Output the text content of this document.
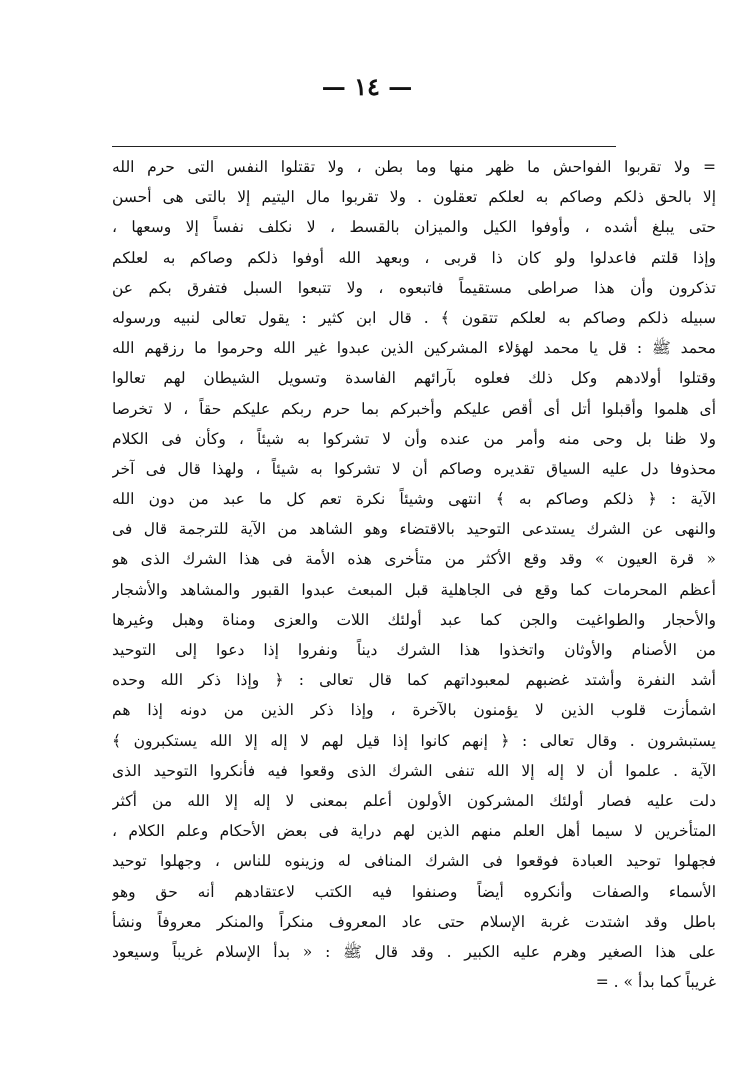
— ١٤ —
= ولا تقربوا الفواحش ما ظهر منها وما بطن ، ولا تقتلوا النفس التى حرم الله
إلا بالحق ذلكم وصاكم به لعلكم تعقلون . ولا تقربوا مال اليتيم إلا بالتى هى أحسن
حتى يبلغ أشده ، وأوفوا الكيل والميزان بالقسط ، لا نكلف نفساً إلا وسعها ،
وإذا قلتم فاعدلوا ولو كان ذا قربى ، وبعهد الله أوفوا ذلكم وصاكم به لعلكم
تذكرون وأن هذا صراطى مستقيماً فاتبعوه ، ولا تتبعوا السبل فتفرق بكم عن
سبيله ذلكم وصاكم به لعلكم تتقون ﴾ . قال ابن كثير : يقول تعالى لنبيه ورسوله
محمد ﷺ : قل يا محمد لهؤلاء المشركين الذين عبدوا غير الله وحرموا ما رزقهم الله
وقتلوا أولادهم وكل ذلك فعلوه بآرائهم الفاسدة وتسويل الشيطان لهم تعالوا
أى هلموا وأقبلوا أتل أى أقص عليكم وأخبركم بما حرم ربكم عليكم حقاً ، لا تخرصا
ولا ظنا بل وحى منه وأمر من عنده وأن لا تشركوا به شيئاً ، وكأن فى الكلام
محذوفا دل عليه السياق تقديره وصاكم أن لا تشركوا به شيئاً ، ولهذا قال فى آخر
الآية : ﴿ ذلكم وصاكم به ﴾ انتهى وشيئاً نكرة تعم كل ما عبد من دون الله
والنهى عن الشرك يستدعى التوحيد بالاقتضاء وهو الشاهد من الآية للترجمة قال فى
« قرة العيون » وقد وقع الأكثر من متأخرى هذه الأمة فى هذا الشرك الذى هو
أعظم المحرمات كما وقع فى الجاهلية قبل المبعث عبدوا القبور والمشاهد والأشجار
والأحجار والطواغيت والجن كما عبد أولئك اللات والعزى ومناة وهبل وغيرها
من الأصنام والأوثان واتخذوا هذا الشرك ديناً ونفروا إذا دعوا إلى التوحيد
أشد النفرة وأشتد غضبهم لمعبوداتهم كما قال تعالى : ﴿ وإذا ذكر الله وحده
اشمأزت قلوب الذين لا يؤمنون بالآخرة ، وإذا ذكر الذين من دونه إذا هم
يستبشرون . وقال تعالى : ﴿ إنهم كانوا إذا قيل لهم لا إله إلا الله يستكبرون ﴾
الآية . علموا أن لا إله إلا الله تنفى الشرك الذى وقعوا فيه فأنكروا التوحيد الذى
دلت عليه فصار أولئك المشركون الأولون أعلم بمعنى لا إله إلا الله من أكثر
المتأخرين لا سيما أهل العلم منهم الذين لهم دراية فى بعض الأحكام وعلم الكلام ،
فجهلوا توحيد العبادة فوقعوا فى الشرك المنافى له وزينوه للناس ، وجهلوا توحيد
الأسماء والصفات وأنكروه أيضاً وصنفوا فيه الكتب لاعتقادهم أنه حق وهو
باطل وقد اشتدت غربة الإسلام حتى عاد المعروف منكراً والمنكر معروفاً ونشأ
على هذا الصغير وهرم عليه الكبير . وقد قال ﷺ : « بدأ الإسلام غريباً وسيعود
غريباً كما بدأ » . =
